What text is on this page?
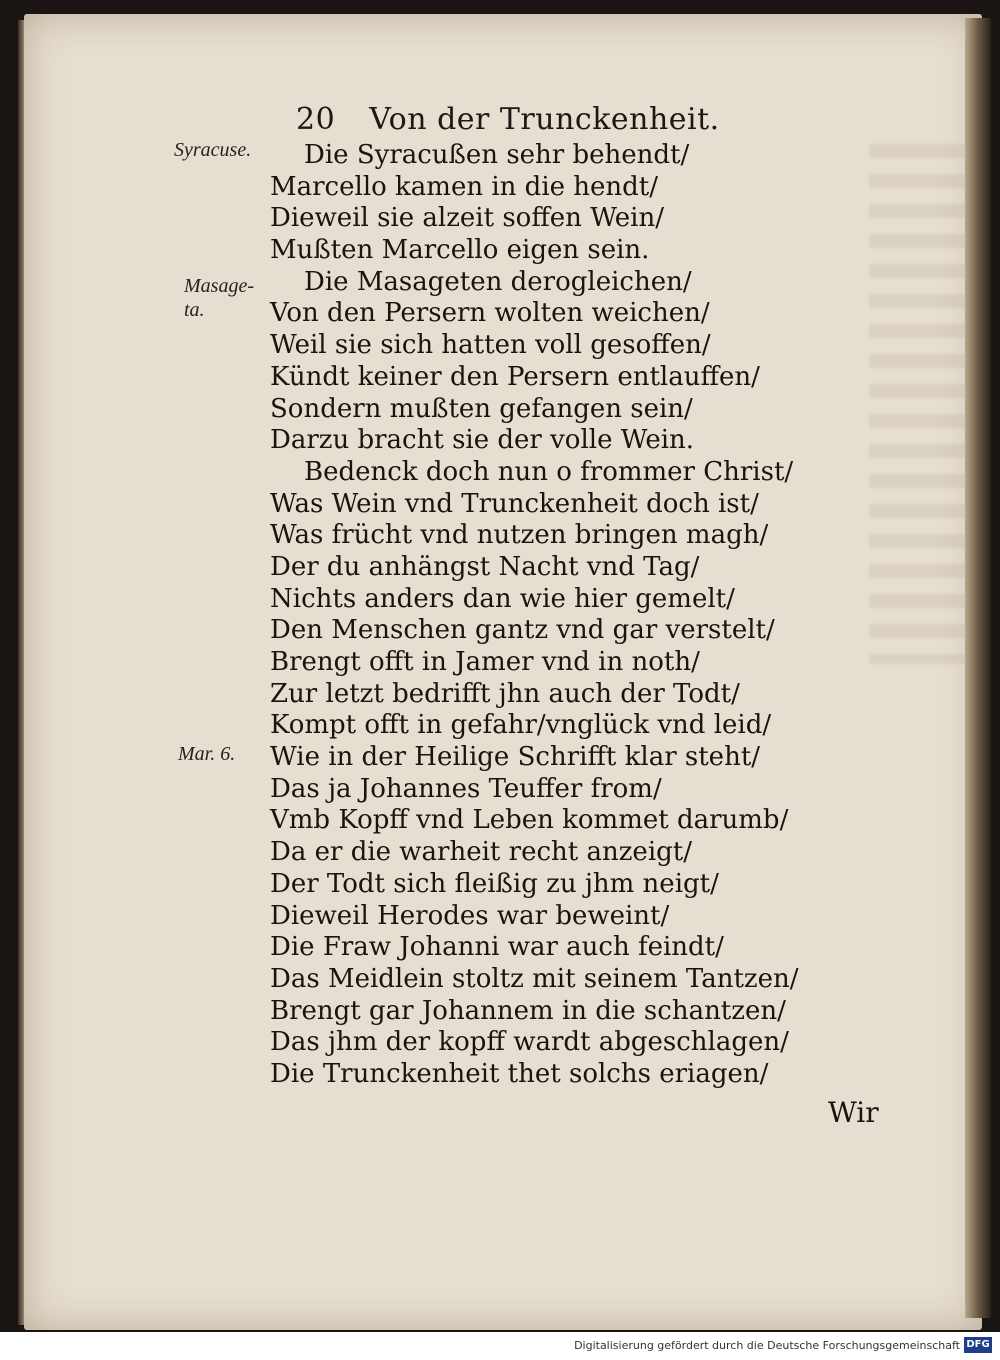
20 Von der Trunckenheit.
Syracuse.
Masage-
ta.
Mar. 6.
Die Syracußen sehr behendt/
Marcello kamen in die hendt/
Dieweil sie alzeit soffen Wein/
Mußten Marcello eigen sein.
Die Masageten derogleichen/
Von den Persern wolten weichen/
Weil sie sich hatten voll gesoffen/
Kündt keiner den Persern entlauffen/
Sondern mußten gefangen sein/
Darzu bracht sie der volle Wein.
Bedenck doch nun o frommer Christ/
Was Wein vnd Trunckenheit doch ist/
Was frücht vnd nutzen bringen magh/
Der du anhängst Nacht vnd Tag/
Nichts anders dan wie hier gemelt/
Den Menschen gantz vnd gar verstelt/
Brengt offt in Jamer vnd in noth/
Zur letzt bedrifft jhn auch der Todt/
Kompt offt in gefahr/vnglück vnd leid/
Wie in der Heilige Schrifft klar steht/
Das ja Johannes Teuffer from/
Vmb Kopff vnd Leben kommet darumb/
Da er die warheit recht anzeigt/
Der Todt sich fleißig zu jhm neigt/
Dieweil Herodes war beweint/
Die Fraw Johanni war auch feindt/
Das Meidlein stoltz mit seinem Tantzen/
Brengt gar Johannem in die schantzen/
Das jhm der kopff wardt abgeschlagen/
Die Trunckenheit thet solchs eriagen/
Wir
Digitalisierung gefördert durch die Deutsche Forschungsgemeinschaft DFG
